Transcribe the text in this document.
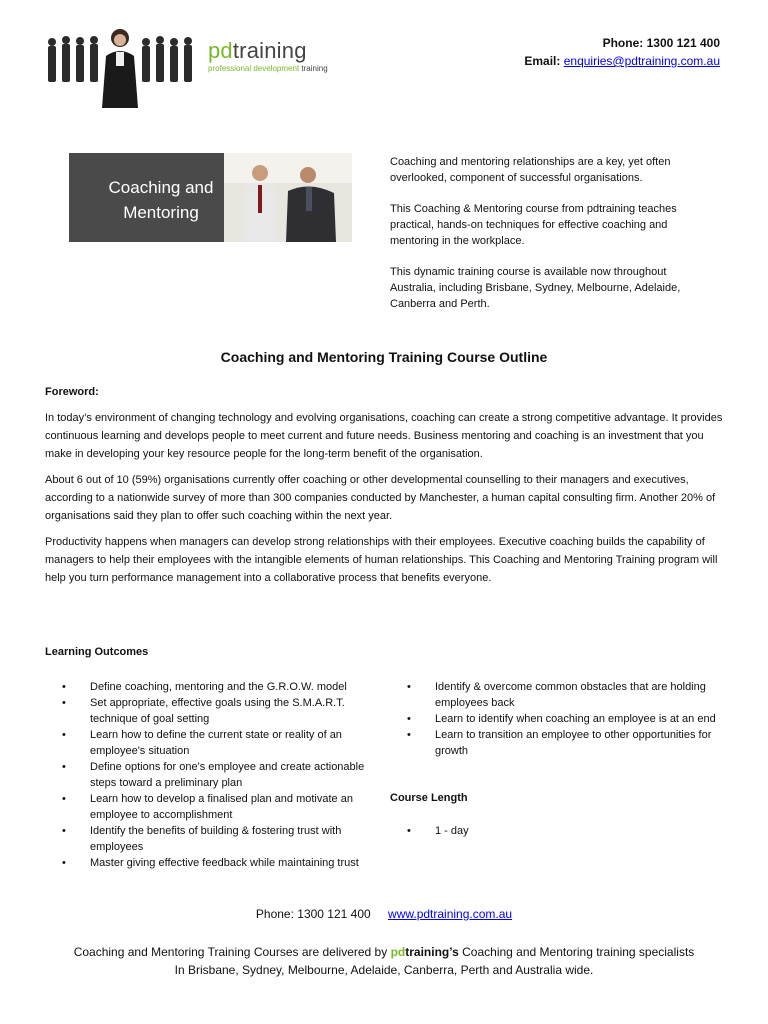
pdtraining
professional development training
Phone: 1300 121 400
Email: enquiries@pdtraining.com.au
Coaching and
Mentoring

Coaching and mentoring relationships are a key, yet often overlooked, component of successful organisations.

This Coaching & Mentoring course from pdtraining teaches practical, hands-on techniques for effective coaching and mentoring in the workplace.

This dynamic training course is available now throughout Australia, including Brisbane, Sydney, Melbourne, Adelaide, Canberra and Perth.

Coaching and Mentoring Training Course Outline

Foreword:

In today’s environment of changing technology and evolving organisations, coaching can create a strong competitive advantage. It provides continuous learning and develops people to meet current and future needs. Business mentoring and coaching is an investment that you make in developing your key resource people for the long-term benefit of the organisation.

About 6 out of 10 (59%) organisations currently offer coaching or other developmental counselling to their managers and executives, according to a nationwide survey of more than 300 companies conducted by Manchester, a human capital consulting firm. Another 20% of organisations said they plan to offer such coaching within the next year.

Productivity happens when managers can develop strong relationships with their employees. Executive coaching builds the capability of managers to help their employees with the intangible elements of human relationships. This Coaching and Mentoring Training program will help you turn performance management into a collaborative process that benefits everyone.

Learning Outcomes
• Define coaching, mentoring and the G.R.O.W. model
• Set appropriate, effective goals using the S.M.A.R.T. technique of goal setting
• Learn how to define the current state or reality of an employee's situation
• Define options for one's employee and create actionable steps toward a preliminary plan
• Learn how to develop a finalised plan and motivate an employee to accomplishment
• Identify the benefits of building & fostering trust with employees
• Master giving effective feedback while maintaining trust
• Identify & overcome common obstacles that are holding employees back
• Learn to identify when coaching an employee is at an end
• Learn to transition an employee to other opportunities for growth
Course Length
• 1 - day
Phone: 1300 121 400 www.pdtraining.com.au
Coaching and Mentoring Training Courses are delivered by pdtraining’s Coaching and Mentoring training specialists
In Brisbane, Sydney, Melbourne, Adelaide, Canberra, Perth and Australia wide.
